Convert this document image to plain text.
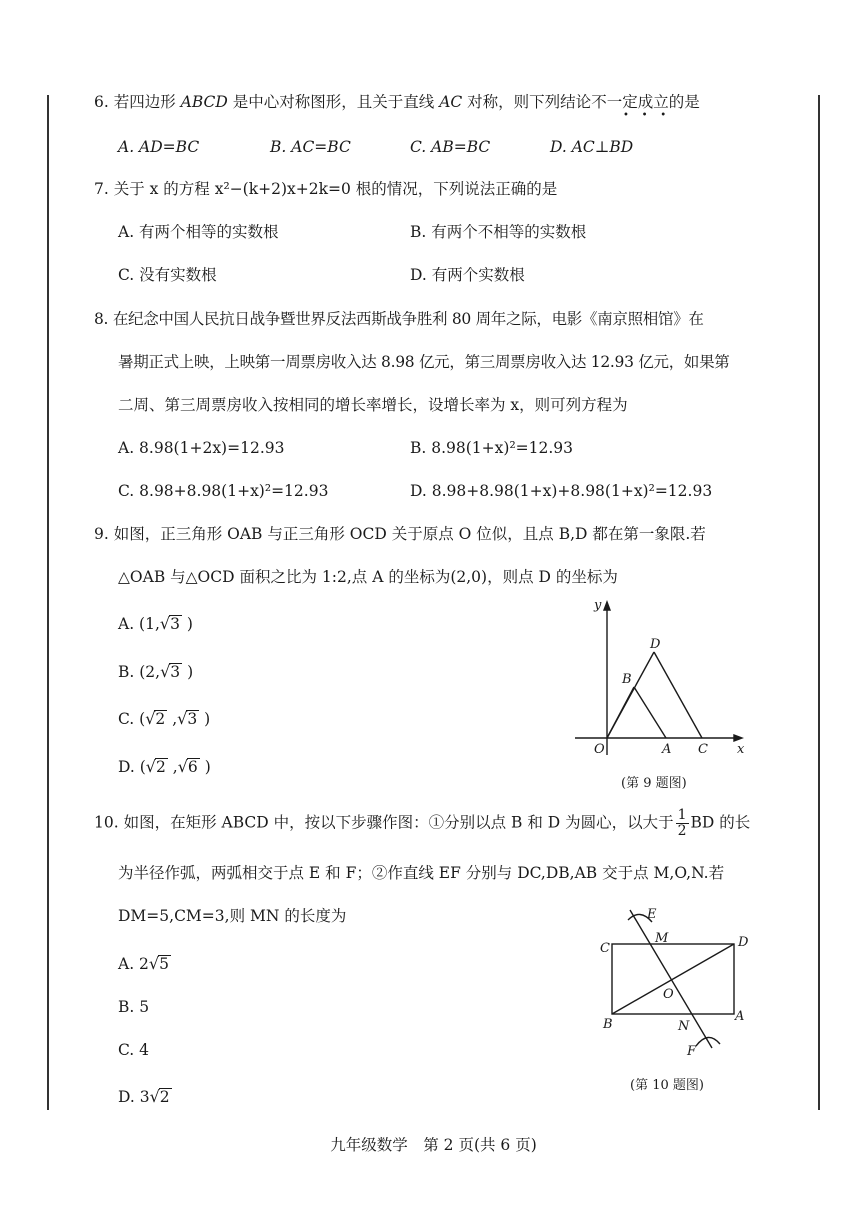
6. 若四边形 ABCD 是中心对称图形，且关于直线 AC 对称，则下列结论不一定成立的是
•    •    •
A. AD=BC	B. AC=BC	C. AB=BC	D. AC⊥BD
7. 关于 x 的方程 x²−(k+2)x+2k=0 根的情况，下列说法正确的是
A. 有两个相等的实数根	B. 有两个不相等的实数根
C. 没有实数根	D. 有两个实数根
8. 在纪念中国人民抗日战争暨世界反法西斯战争胜利 80 周年之际，电影《南京照相馆》在
暑期正式上映，上映第一周票房收入达 8.98 亿元，第三周票房收入达 12.93 亿元，如果第
二周、第三周票房收入按相同的增长率增长，设增长率为 x，则可列方程为
A. 8.98(1+2x)=12.93	B. 8.98(1+x)²=12.93
C. 8.98+8.98(1+x)²=12.93	D. 8.98+8.98(1+x)+8.98(1+x)²=12.93
9. 如图，正三角形 OAB 与正三角形 OCD 关于原点 O 位似，且点 B,D 都在第一象限.若
△OAB 与△OCD 面积之比为 1:2,点 A 的坐标为(2,0)，则点 D 的坐标为
A. (1,√3 )
B. (2,√3 )
C. (√2 ,√3 )
D. (√2 ,√6 )
y
D
B
O	A C x
(第 9 题图)
10. 如图，在矩形 ABCD 中，按以下步骤作图：①分别以点 B 和 D 为圆心，以大于 $\frac{1}{2}$ BD 的长
为半径作弧，两弧相交于点 E 和 F；②作直线 EF 分别与 DC,DB,AB 交于点 M,O,N.若
DM=5,CM=3,则 MN 的长度为
A. 2√5
B. 5
C. 4
D. 3√2
E
M
C	D
O
B	N
A
F
(第 10 题图)
九年级数学　第 2 页(共 6 页)
